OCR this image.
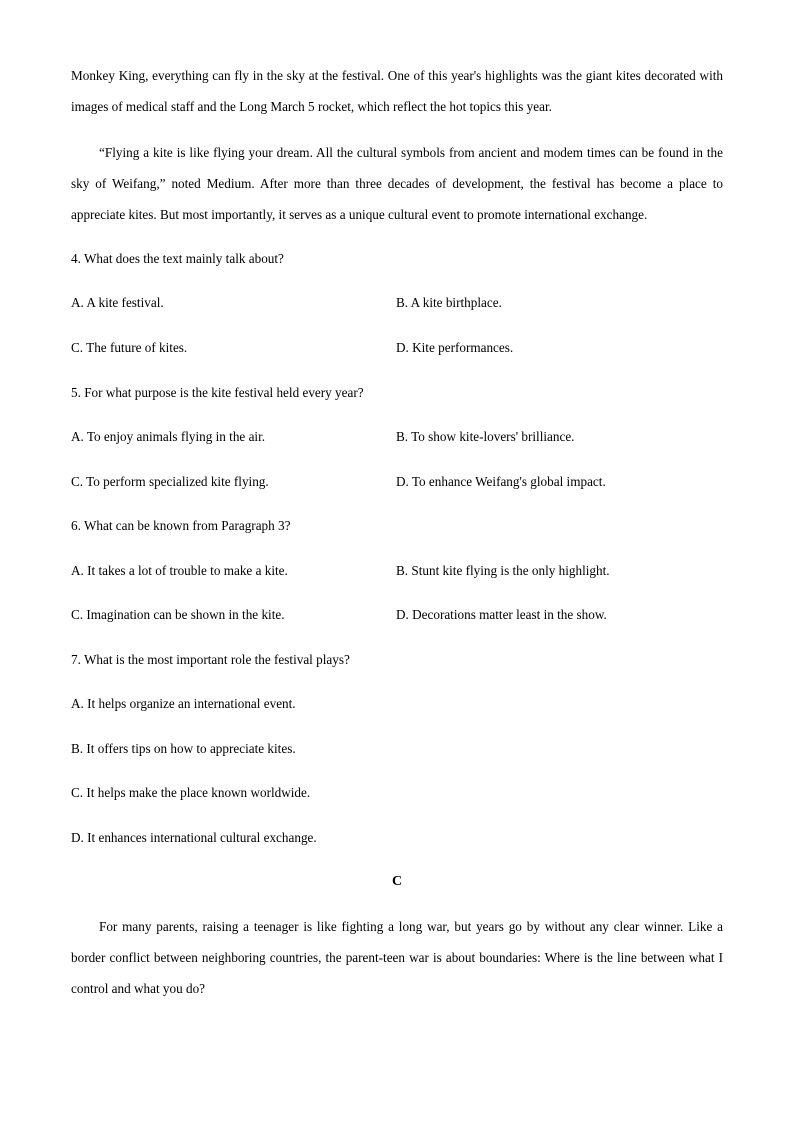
Monkey King, everything can fly in the sky at the festival. One of this year's highlights was the giant kites decorated with images of medical staff and the Long March 5 rocket, which reflect the hot topics this year.

“Flying a kite is like flying your dream. All the cultural symbols from ancient and modem times can be found in the sky of Weifang,” noted Medium. After more than three decades of development, the festival has become a place to appreciate kites. But most importantly, it serves as a unique cultural event to promote international exchange.

4. What does the text mainly talk about?

A. A kite festival.	B. A kite birthplace.
C. The future of kites.	D. Kite performances.

5. For what purpose is the kite festival held every year?

A. To enjoy animals flying in the air.	B. To show kite-lovers' brilliance.
C. To perform specialized kite flying.	D. To enhance Weifang's global impact.

6. What can be known from Paragraph 3?

A. It takes a lot of trouble to make a kite.	B. Stunt kite flying is the only highlight.
C. Imagination can be shown in the kite.	D. Decorations matter least in the show.

7. What is the most important role the festival plays?

A. It helps organize an international event.
B. It offers tips on how to appreciate kites.
C. It helps make the place known worldwide.
D. It enhances international cultural exchange.

C

For many parents, raising a teenager is like fighting a long war, but years go by without any clear winner. Like a border conflict between neighboring countries, the parent-teen war is about boundaries: Where is the line between what I control and what you do?
